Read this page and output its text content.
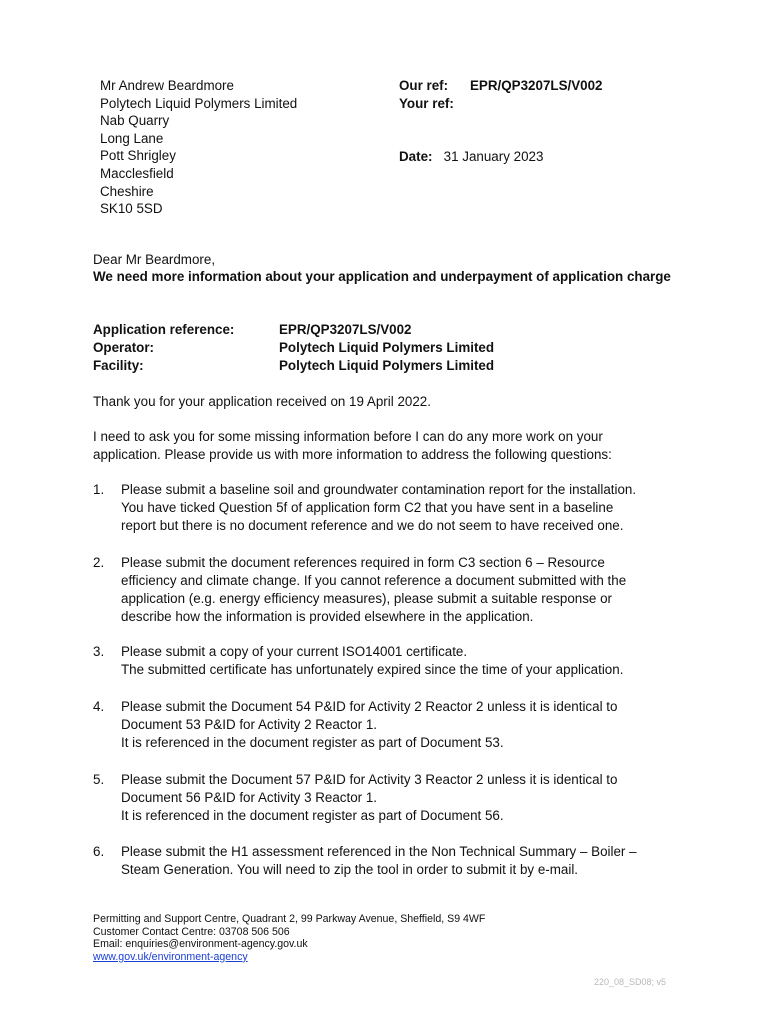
Mr Andrew Beardmore
Polytech Liquid Polymers Limited
Nab Quarry
Long Lane
Pott Shrigley
Macclesfield
Cheshire
SK10 5SD
Our ref: EPR/QP3207LS/V002
Your ref:
Date: 31 January 2023
Dear Mr Beardmore,
We need more information about your application and underpayment of application charge
Application reference:	EPR/QP3207LS/V002
Operator:	Polytech Liquid Polymers Limited
Facility:	Polytech Liquid Polymers Limited
Thank you for your application received on 19 April 2022.
I need to ask you for some missing information before I can do any more work on your
application. Please provide us with more information to address the following questions:
1. Please submit a baseline soil and groundwater contamination report for the installation.
You have ticked Question 5f of application form C2 that you have sent in a baseline
report but there is no document reference and we do not seem to have received one.
2. Please submit the document references required in form C3 section 6 – Resource
efficiency and climate change. If you cannot reference a document submitted with the
application (e.g. energy efficiency measures), please submit a suitable response or
describe how the information is provided elsewhere in the application.
3. Please submit a copy of your current ISO14001 certificate.
The submitted certificate has unfortunately expired since the time of your application.
4. Please submit the Document 54 P&ID for Activity 2 Reactor 2 unless it is identical to
Document 53 P&ID for Activity 2 Reactor 1.
It is referenced in the document register as part of Document 53.
5. Please submit the Document 57 P&ID for Activity 3 Reactor 2 unless it is identical to
Document 56 P&ID for Activity 3 Reactor 1.
It is referenced in the document register as part of Document 56.
6. Please submit the H1 assessment referenced in the Non Technical Summary – Boiler –
Steam Generation. You will need to zip the tool in order to submit it by e-mail.
Permitting and Support Centre, Quadrant 2, 99 Parkway Avenue, Sheffield, S9 4WF
Customer Contact Centre: 03708 506 506
Email: enquiries@environment-agency.gov.uk
www.gov.uk/environment-agency
220_08_SD08; v5
